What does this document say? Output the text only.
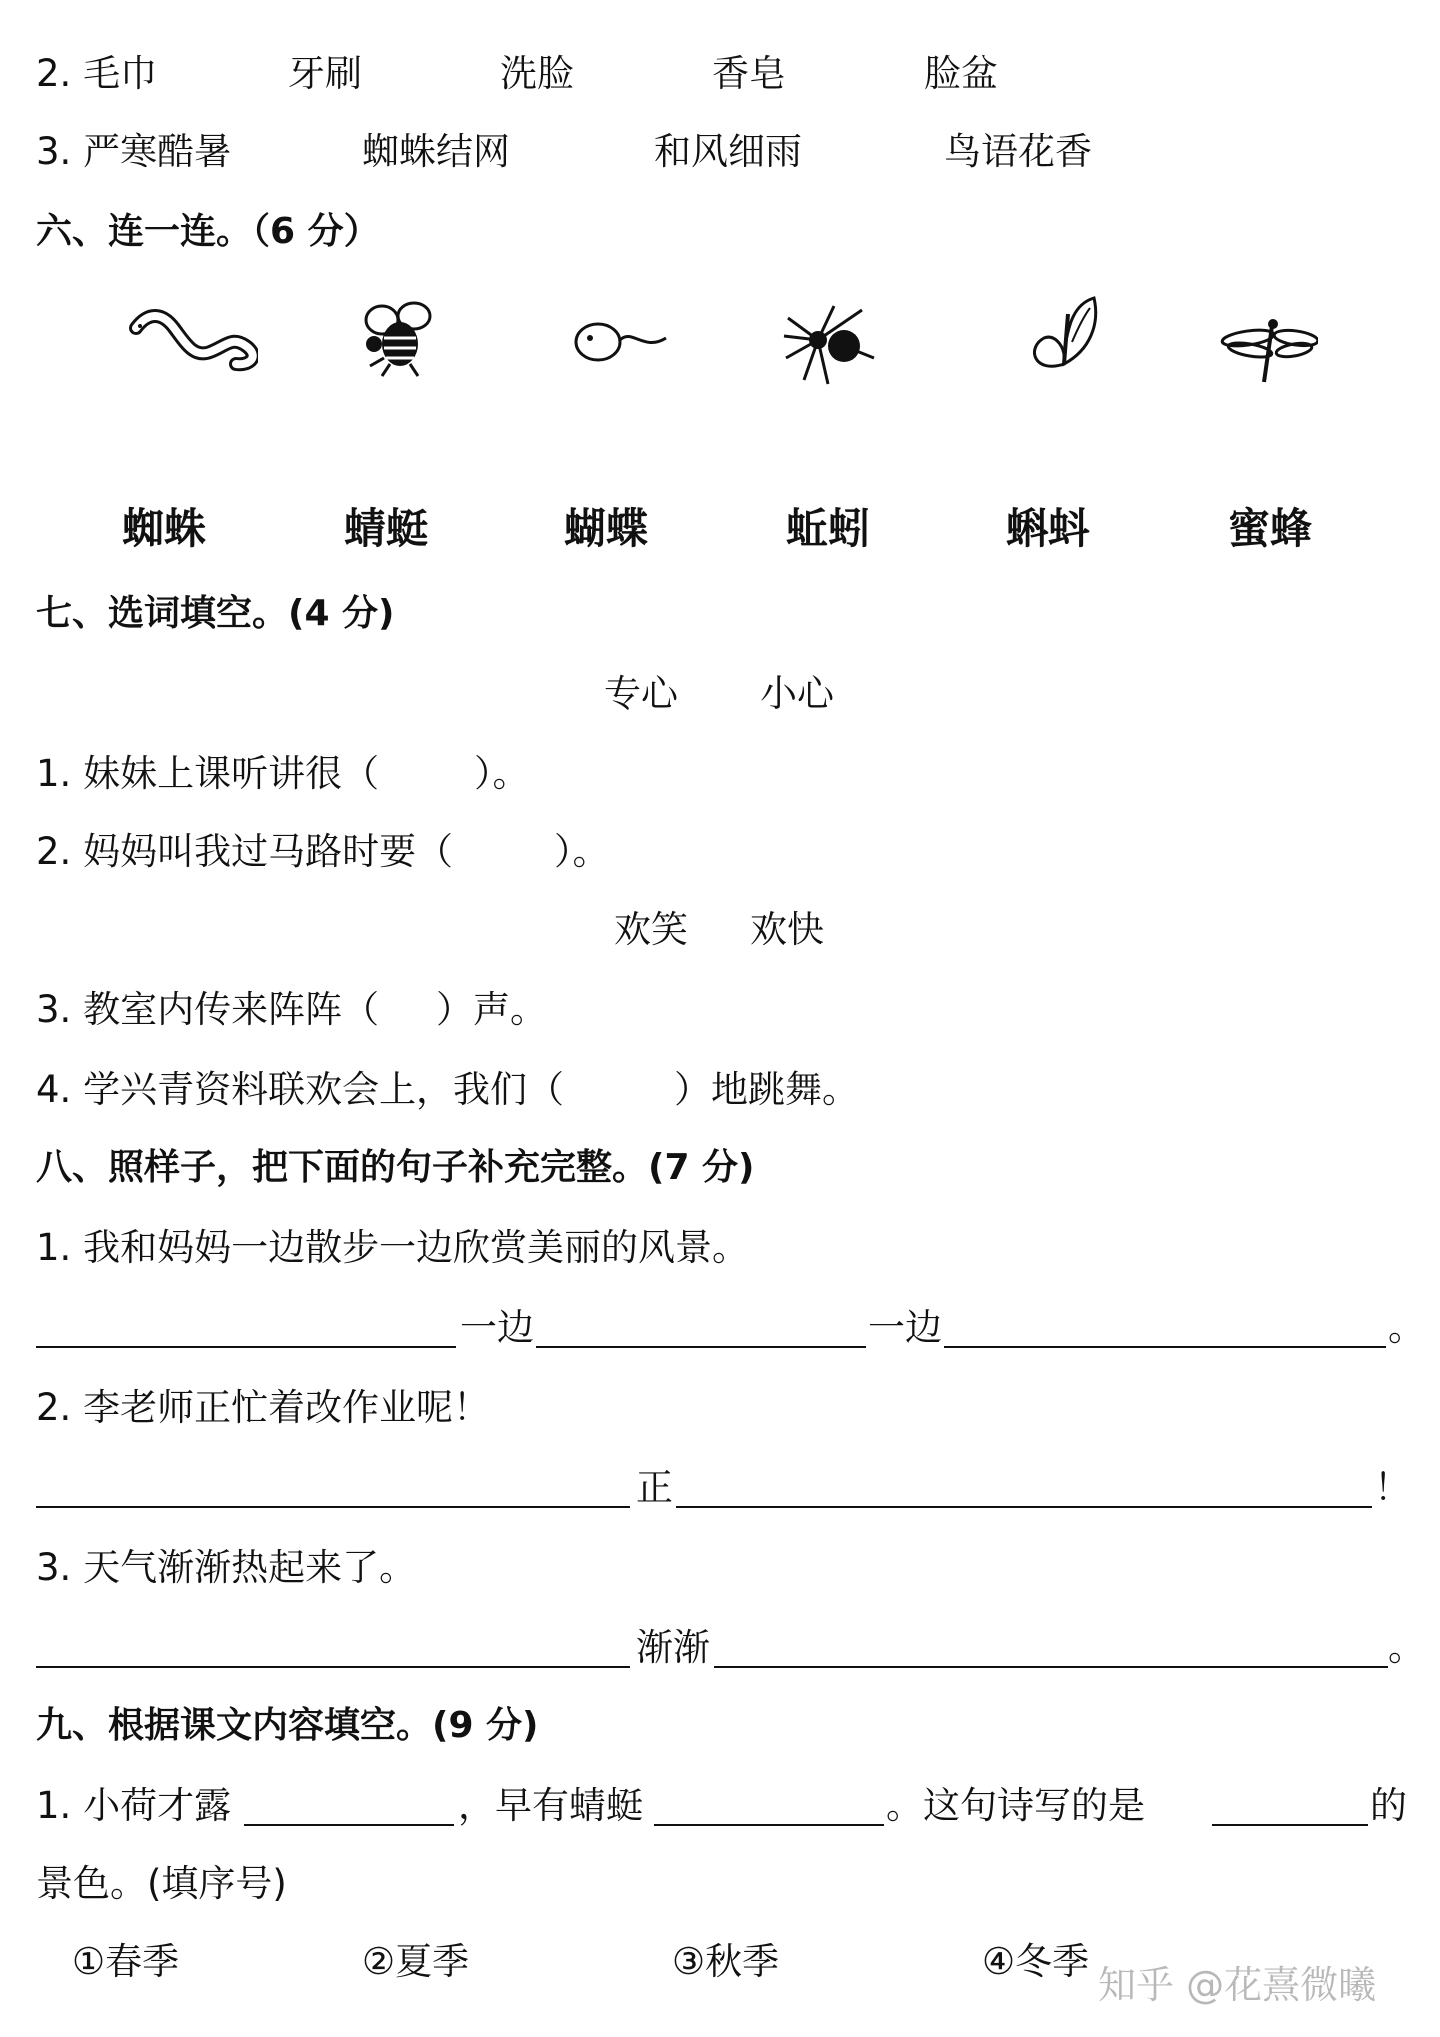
2. 毛巾	牙刷	洗脸	香皂	脸盆
3. 严寒酷暑	蜘蛛结网	和风细雨	鸟语花香
六、连一连。（6 分）
蜘蛛	蜻蜓	蝴蝶	蚯蚓	蝌蚪	蜜蜂
七、选词填空。(4 分)
专心 小心
1. 妹妹上课听讲很（	）。
2. 妈妈叫我过马路时要（	）。
欢笑 欢快
3. 教室内传来阵阵（ ）声。
4. 学兴青资料联欢会上，我们（	）地跳舞。
八、照样子，把下面的句子补充完整。(7 分)
1. 我和妈妈一边散步一边欣赏美丽的风景。
一边	一边	。
2. 李老师正忙着改作业呢！
正	！
3. 天气渐渐热起来了。
渐渐	。
九、根据课文内容填空。(9 分)
1. 小荷才露	，早有蜻蜓	。这句诗写的是	的
景色。(填序号)
①春季	②夏季	③秋季	④冬季
知乎 @花熹微曦
